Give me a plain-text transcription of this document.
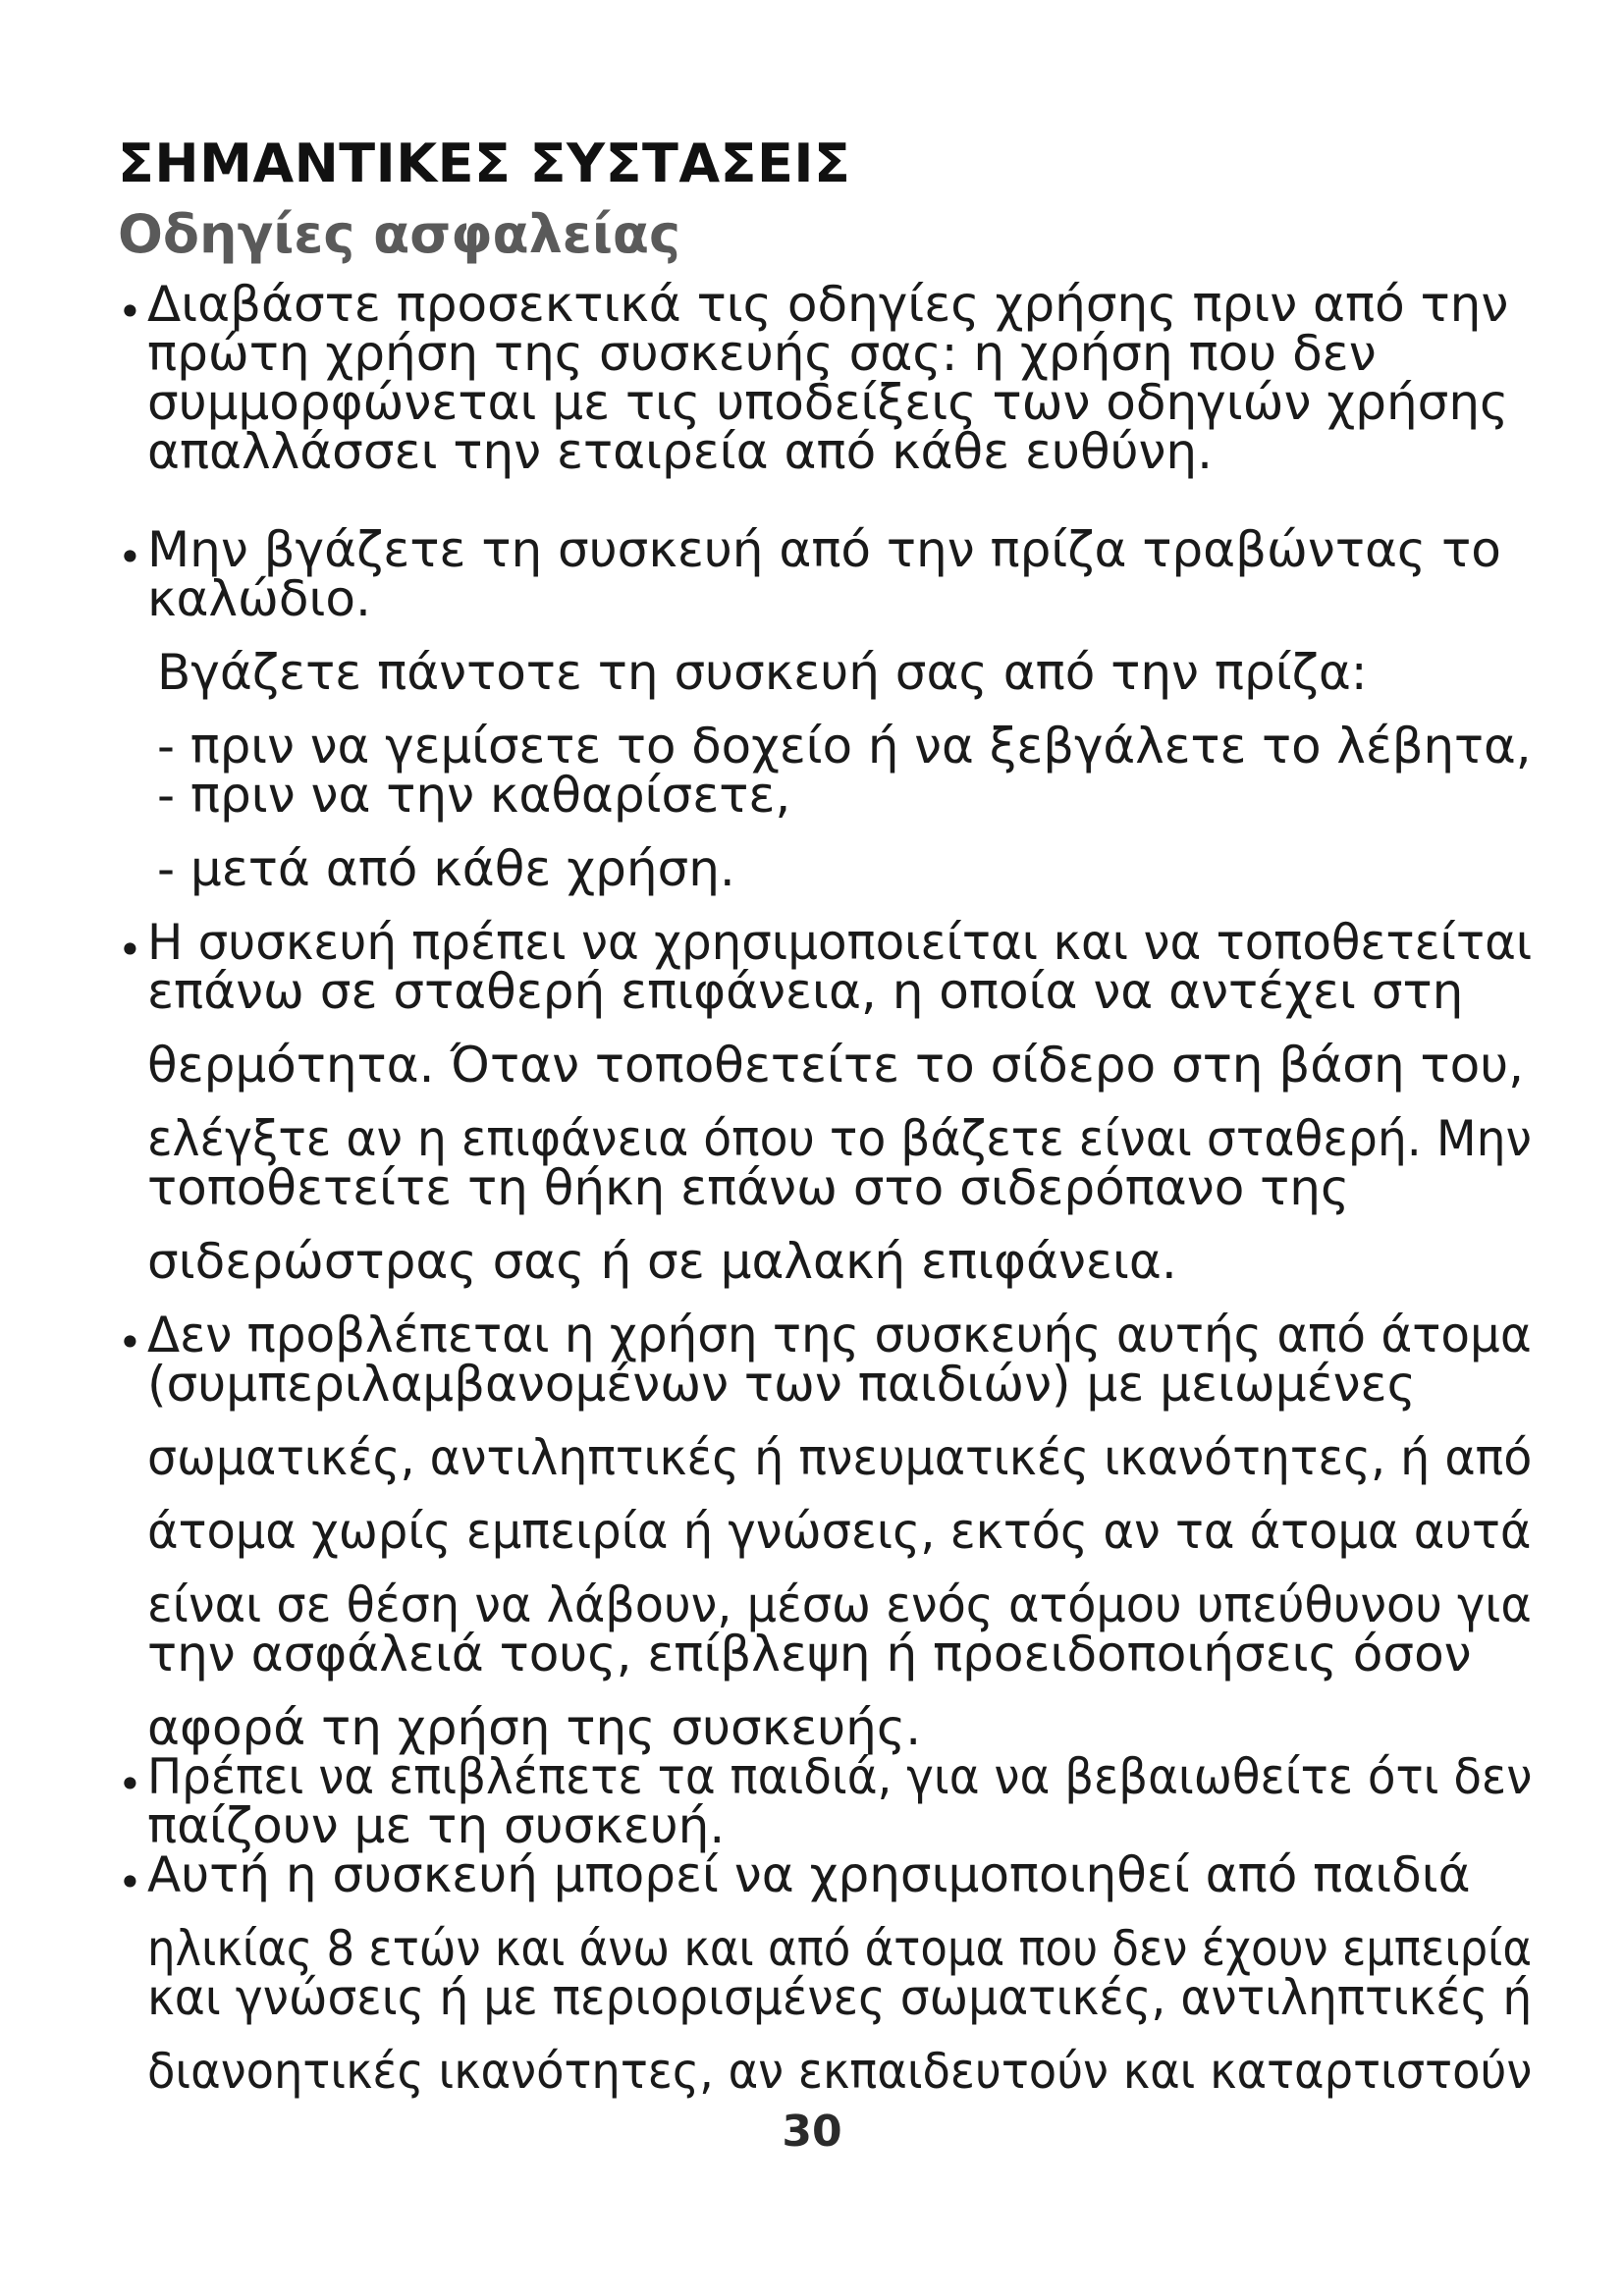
ΣΗΜΑΝΤΙΚΕΣ ΣΥΣΤΑΣΕΙΣ
Οδηγίες ασφαλείας
•
•
•
•
•
•
Διαβάστε προσεκτικά τις οδηγίες χρήσης πριν από την
πρώτη χρήση της συσκευής σας: η χρήση που δεν
συμμορφώνεται με τις υποδείξεις των οδηγιών χρήσης
απαλλάσσει την εταιρεία από κάθε ευθύνη.
Μην βγάζετε τη συσκευή από την πρίζα τραβώντας το
καλώδιο.
Βγάζετε πάντοτε τη συσκευή σας από την πρίζα:
- πριν να γεμίσετε το δοχείο ή να ξεβγάλετε το λέβητα,
- πριν να την καθαρίσετε,
- μετά από κάθε χρήση.
Η συσκευή πρέπει να χρησιμοποιείται και να τοποθετείται
επάνω σε σταθερή επιφάνεια, η οποία να αντέχει στη
θερμότητα. Όταν τοποθετείτε το σίδερο στη βάση του,
ελέγξτε αν η επιφάνεια όπου το βάζετε είναι σταθερή. Μην
τοποθετείτε τη θήκη επάνω στο σιδερόπανο της
σιδερώστρας σας ή σε μαλακή επιφάνεια.
Δεν προβλέπεται η χρήση της συσκευής αυτής από άτομα
(συμπεριλαμβανομένων των παιδιών) με μειωμένες
σωματικές, αντιληπτικές ή πνευματικές ικανότητες, ή από
άτομα χωρίς εμπειρία ή γνώσεις, εκτός αν τα άτομα αυτά
είναι σε θέση να λάβουν, μέσω ενός ατόμου υπεύθυνου για
την ασφάλειά τους, επίβλεψη ή προειδοποιήσεις όσον
αφορά τη χρήση της συσκευής.
Πρέπει να επιβλέπετε τα παιδιά, για να βεβαιωθείτε ότι δεν
παίζουν με τη συσκευή.
Αυτή η συσκευή μπορεί να χρησιμοποιηθεί από παιδιά
ηλικίας 8 ετών και άνω και από άτομα που δεν έχουν εμπειρία
και γνώσεις ή με περιορισμένες σωματικές, αντιληπτικές ή
διανοητικές ικανότητες, αν εκπαιδευτούν και καταρτιστούν
30
